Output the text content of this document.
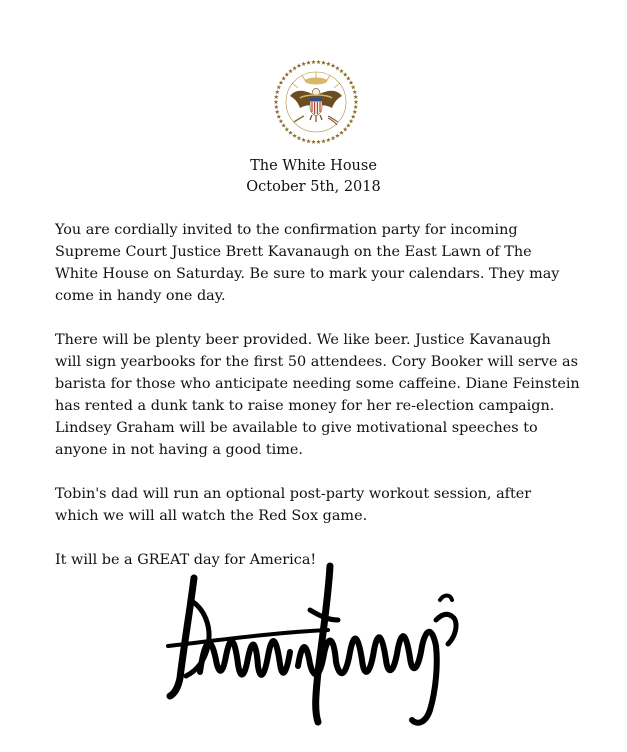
The White House
October 5th, 2018

You are cordially invited to the confirmation party for incoming
Supreme Court Justice Brett Kavanaugh on the East Lawn of The
White House on Saturday. Be sure to mark your calendars. They may
come in handy one day.

There will be plenty beer provided. We like beer. Justice Kavanaugh
will sign yearbooks for the first 50 attendees. Cory Booker will serve as
barista for those who anticipate needing some caffeine. Diane Feinstein
has rented a dunk tank to raise money for her re-election campaign.
Lindsey Graham will be available to give motivational speeches to
anyone in not having a good time.

Tobin's dad will run an optional post-party workout session, after
which we will all watch the Red Sox game.

It will be a GREAT day for America!
